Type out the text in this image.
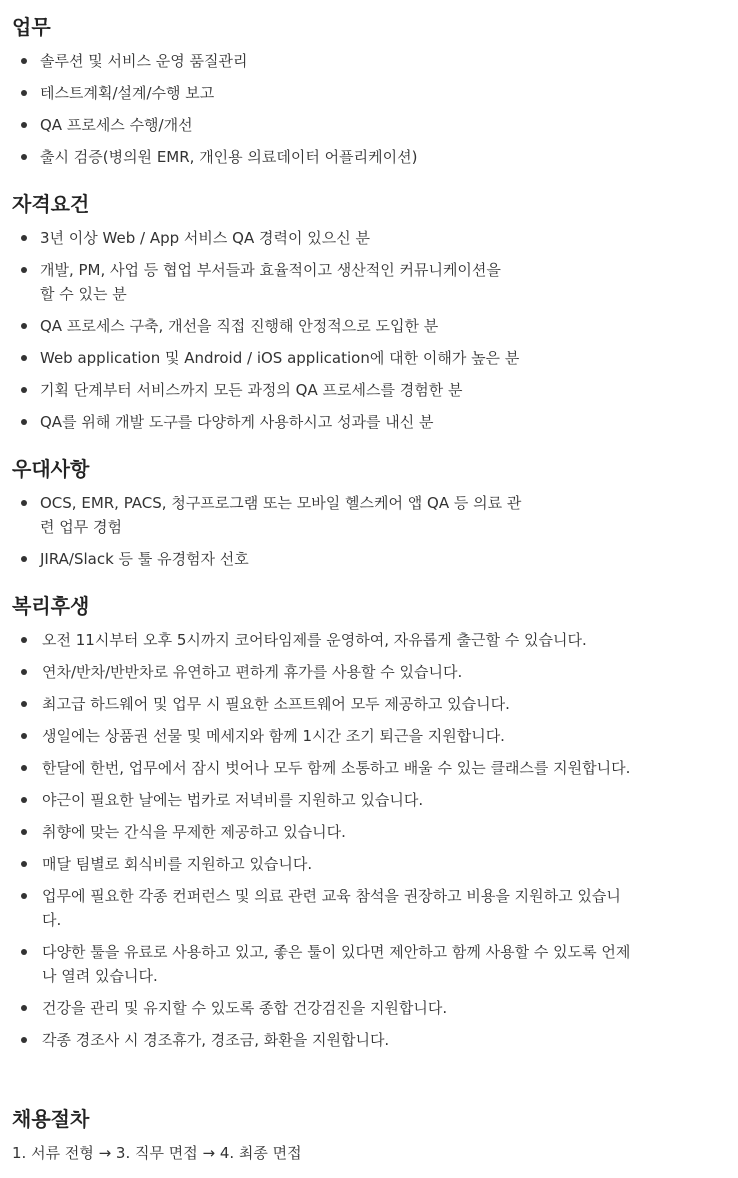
업무
솔루션 및 서비스 운영 품질관리
테스트계획/설계/수행 보고
QA 프로세스 수행/개선
출시 검증(병의원 EMR, 개인용 의료데이터 어플리케이션)
자격요건
3년 이상 Web / App 서비스 QA 경력이 있으신 분
개발, PM, 사업 등 협업 부서들과 효율적이고 생산적인 커뮤니케이션을
할 수 있는 분
QA 프로세스 구축, 개선을 직접 진행해 안정적으로 도입한 분
Web application 및 Android / iOS application에 대한 이해가 높은 분
기획 단계부터 서비스까지 모든 과정의 QA 프로세스를 경험한 분
QA를 위해 개발 도구를 다양하게 사용하시고 성과를 내신 분
우대사항
OCS, EMR, PACS, 청구프로그램 또는 모바일 헬스케어 앱 QA 등 의료 관
련 업무 경험
JIRA/Slack 등 툴 유경험자 선호
복리후생
오전 11시부터 오후 5시까지 코어타임제를 운영하여, 자유롭게 출근할 수 있습니다.
연차/반차/반반차로 유연하고 편하게 휴가를 사용할 수 있습니다.
최고급 하드웨어 및 업무 시 필요한 소프트웨어 모두 제공하고 있습니다.
생일에는 상품권 선물 및 메세지와 함께 1시간 조기 퇴근을 지원합니다.
한달에 한번, 업무에서 잠시 벗어나 모두 함께 소통하고 배울 수 있는 클래스를 지원합니다.
야근이 필요한 날에는 법카로 저녁비를 지원하고 있습니다.
취향에 맞는 간식을 무제한 제공하고 있습니다.
매달 팀별로 회식비를 지원하고 있습니다.
업무에 필요한 각종 컨퍼런스 및 의료 관련 교육 참석을 권장하고 비용을 지원하고 있습니
다.
다양한 툴을 유료로 사용하고 있고, 좋은 툴이 있다면 제안하고 함께 사용할 수 있도록 언제
나 열려 있습니다.
건강을 관리 및 유지할 수 있도록 종합 건강검진을 지원합니다.
각종 경조사 시 경조휴가, 경조금, 화환을 지원합니다.
채용절차

1. 서류 전형 → 3. 직무 면접 → 4. 최종 면접
